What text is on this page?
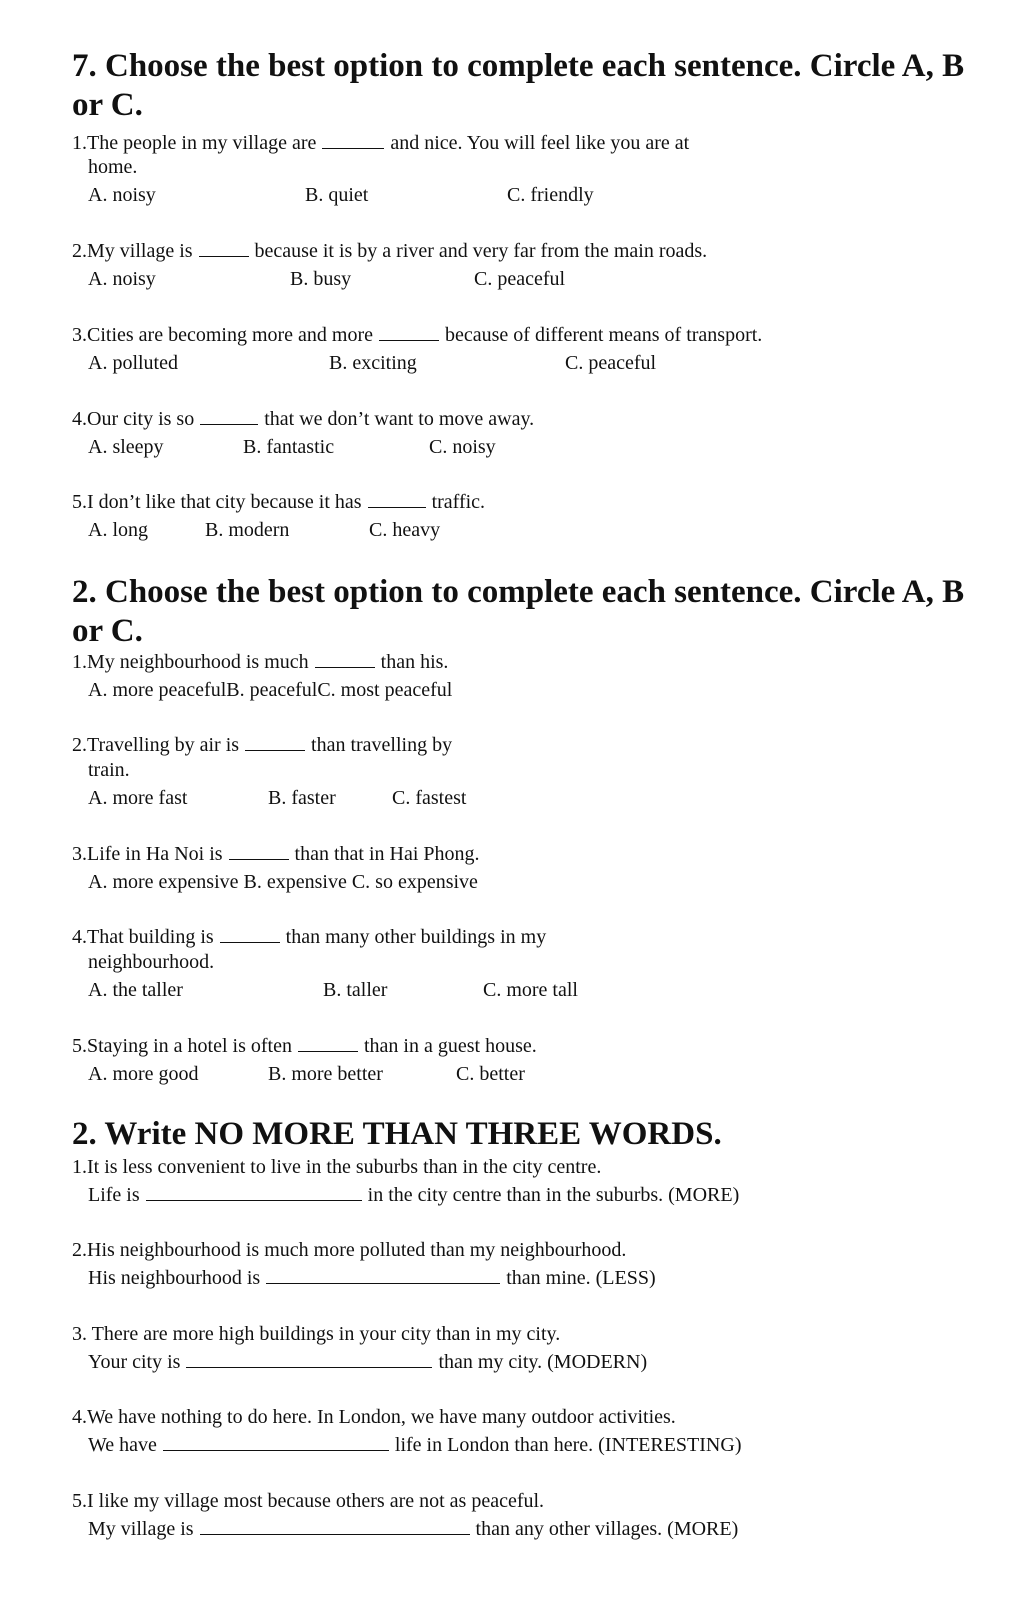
7. Choose the best option to complete each sentence. Circle A, B or C.
1.The people in my village are	and nice. You will feel like you are at
home.
A. noisy	B. quiet	C. friendly
2.My village is	because it is by a river and very far from the main roads.
A. noisy	B. busy	C. peaceful
3.Cities are becoming more and more	because of different means of transport.
A. polluted	B. exciting	C. peaceful
4.Our city is so	that we don’t want to move away.
A. sleepy	B. fantastic	C. noisy
5.I don’t like that city because it has	traffic.
A. long	B. modern	C. heavy
2. Choose the best option to complete each sentence. Circle A, B or C.
1.My neighbourhood is much	than his.
A. more peacefulB. peacefulC. most peaceful
2.Travelling by air is	than travelling by
train.
A. more fast	B. faster	C. fastest
3.Life in Ha Noi is	than that in Hai Phong.
A. more expensive B. expensive C. so expensive
4.That building is	than many other buildings in my
neighbourhood.
A. the taller	B. taller	C. more tall
5.Staying in a hotel is often	than in a guest house.
A. more good	B. more better	C. better
2. Write NO MORE THAN THREE WORDS.
1.It is less convenient to live in the suburbs than in the city centre.
Life is	in the city centre than in the suburbs. (MORE)
2.His neighbourhood is much more polluted than my neighbourhood.
His neighbourhood is	than mine. (LESS)
3. There are more high buildings in your city than in my city.
Your city is	than my city. (MODERN)
4.We have nothing to do here. In London, we have many outdoor activities.
We have	life in London than here. (INTERESTING)
5.I like my village most because others are not as peaceful.
My village is	than any other villages. (MORE)
